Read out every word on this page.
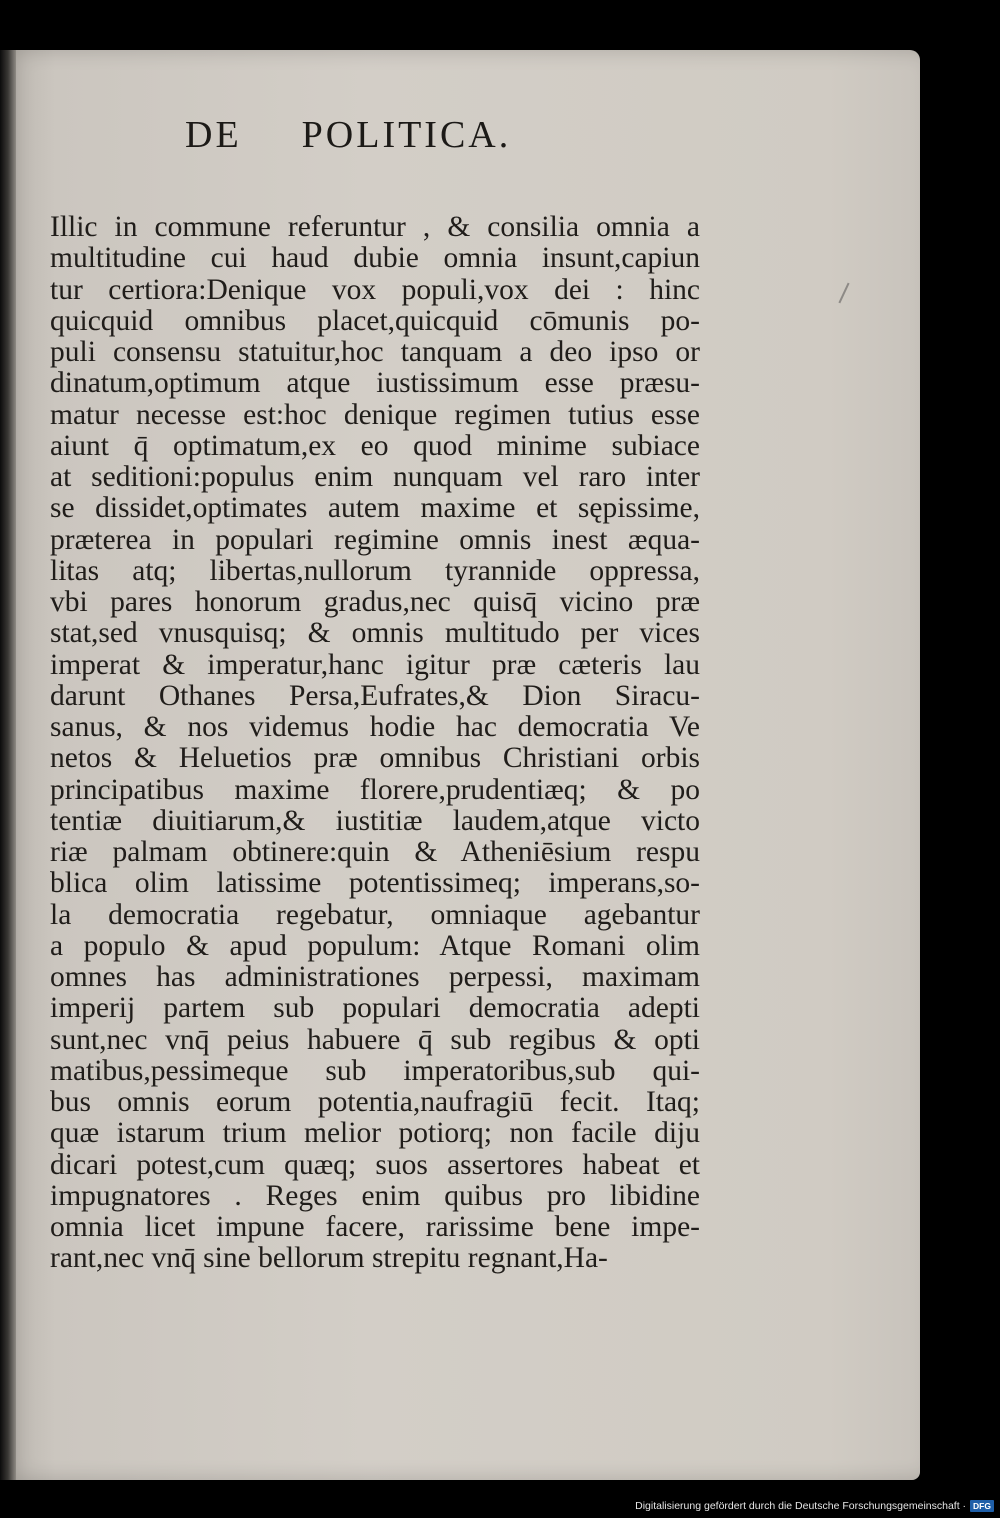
DE POLITICA.
Illic in commune referuntur , & consilia omnia a
multitudine cui haud dubie omnia insunt,capiun
tur certiora:Denique vox populi,vox dei : hinc
quicquid omnibus placet,quicquid cōmunis po-
puli consensu statuitur,hoc tanquam a deo ipso or
dinatum,optimum atque iustissimum esse præsu-
matur necesse est:hoc denique regimen tutius esse
aiunt q̄ optimatum,ex eo quod minime subiace
at seditioni:populus enim nunquam vel raro inter
se dissidet,optimates autem maxime et sępissime,
præterea in populari regimine omnis inest æqua-
litas atq; libertas,nullorum tyrannide oppressa,
vbi pares honorum gradus,nec quisq̄ vicino præ
stat,sed vnusquisq; & omnis multitudo per vices
imperat & imperatur,hanc igitur præ cæteris lau
darunt Othanes Persa,Eufrates,& Dion Siracu-
sanus, & nos videmus hodie hac democratia Ve
netos & Heluetios præ omnibus Christiani orbis
principatibus maxime florere,prudentiæq; & po
tentiæ diuitiarum,& iustitiæ laudem,atque victo
riæ palmam obtinere:quin & Atheniēsium respu
blica olim latissime potentissimeq; imperans,so-
la democratia regebatur, omniaque agebantur
a populo & apud populum: Atque Romani olim
omnes has administrationes perpessi, maximam
imperij partem sub populari democratia adepti
sunt,nec vnq̄ peius habuere q̄ sub regibus & opti
matibus,pessimeque sub imperatoribus,sub qui-
bus omnis eorum potentia,naufragiū fecit. Itaq;
quæ istarum trium melior potiorq; non facile diju
dicari potest,cum quæq; suos assertores habeat et
impugnatores . Reges enim quibus pro libidine
omnia licet impune facere, rarissime bene impe-
rant,nec vnq̄ sine bellorum strepitu regnant,Ha-
Digitalisierung gefördert durch die Deutsche Forschungsgemeinschaft · DFG
